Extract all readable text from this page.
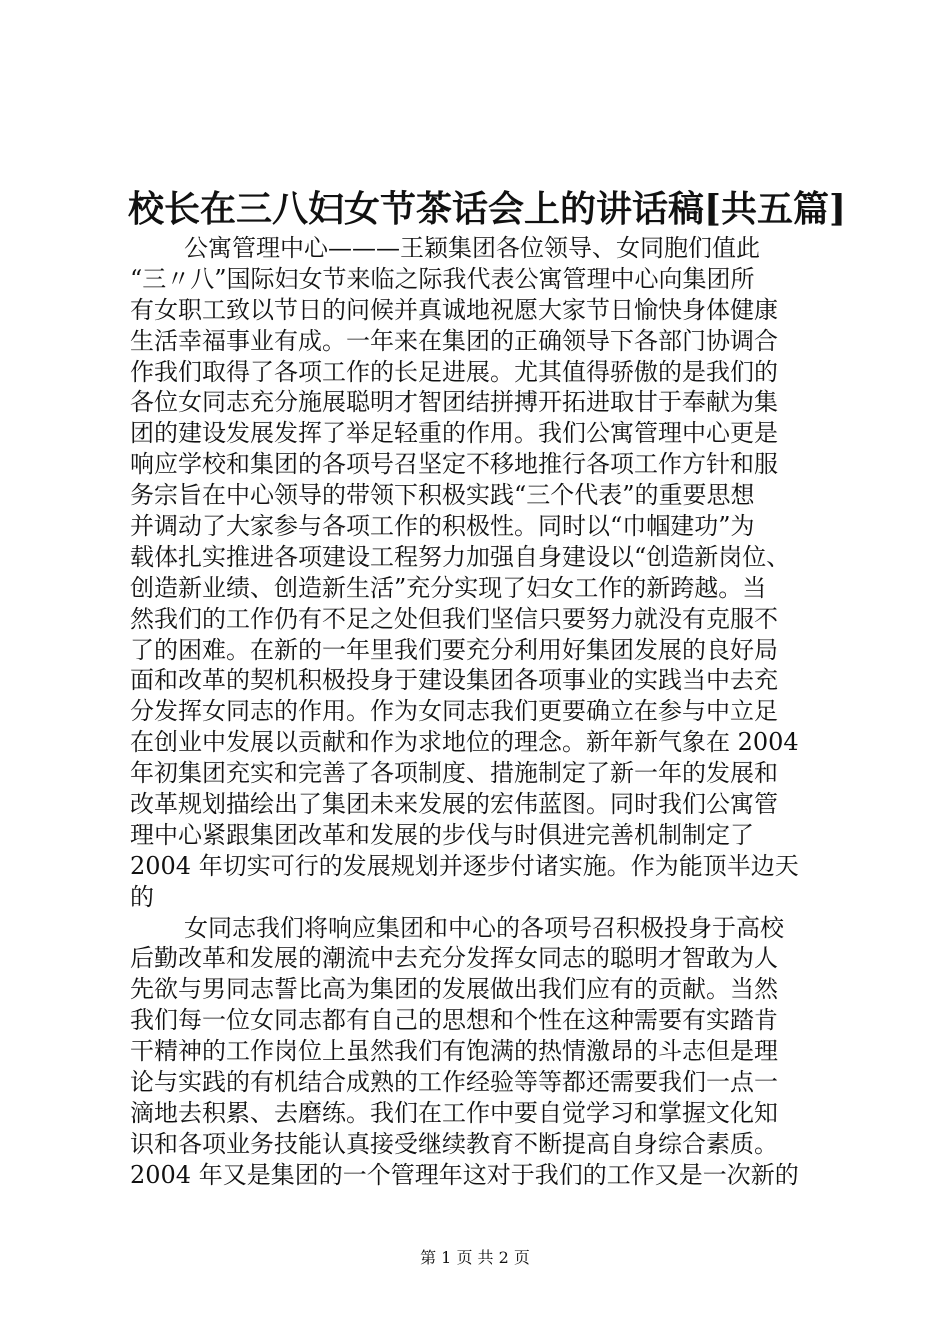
校长在三八妇女节茶话会上的讲话稿[共五篇]
公寓管理中心———王颖集团各位领导、女同胞们值此
“三〃八”国际妇女节来临之际我代表公寓管理中心向集团所
有女职工致以节日的问候并真诚地祝愿大家节日愉快身体健康
生活幸福事业有成。一年来在集团的正确领导下各部门协调合
作我们取得了各项工作的长足进展。尤其值得骄傲的是我们的
各位女同志充分施展聪明才智团结拼搏开拓进取甘于奉献为集
团的建设发展发挥了举足轻重的作用。我们公寓管理中心更是
响应学校和集团的各项号召坚定不移地推行各项工作方针和服
务宗旨在中心领导的带领下积极实践“三个代表”的重要思想
并调动了大家参与各项工作的积极性。同时以“巾帼建功”为
载体扎实推进各项建设工程努力加强自身建设以“创造新岗位、
创造新业绩、创造新生活”充分实现了妇女工作的新跨越。当
然我们的工作仍有不足之处但我们坚信只要努力就没有克服不
了的困难。在新的一年里我们要充分利用好集团发展的良好局
面和改革的契机积极投身于建设集团各项事业的实践当中去充
分发挥女同志的作用。作为女同志我们更要确立在参与中立足
在创业中发展以贡献和作为求地位的理念。新年新气象在 2004
年初集团充实和完善了各项制度、措施制定了新一年的发展和
改革规划描绘出了集团未来发展的宏伟蓝图。同时我们公寓管
理中心紧跟集团改革和发展的步伐与时俱进完善机制制定了
2004 年切实可行的发展规划并逐步付诸实施。作为能顶半边天
的
女同志我们将响应集团和中心的各项号召积极投身于高校
后勤改革和发展的潮流中去充分发挥女同志的聪明才智敢为人
先欲与男同志誓比高为集团的发展做出我们应有的贡献。当然
我们每一位女同志都有自己的思想和个性在这种需要有实踏肯
干精神的工作岗位上虽然我们有饱满的热情激昂的斗志但是理
论与实践的有机结合成熟的工作经验等等都还需要我们一点一
滴地去积累、去磨练。我们在工作中要自觉学习和掌握文化知
识和各项业务技能认真接受继续教育不断提高自身综合素质。
2004 年又是集团的一个管理年这对于我们的工作又是一次新的
第 1 页 共 2 页
